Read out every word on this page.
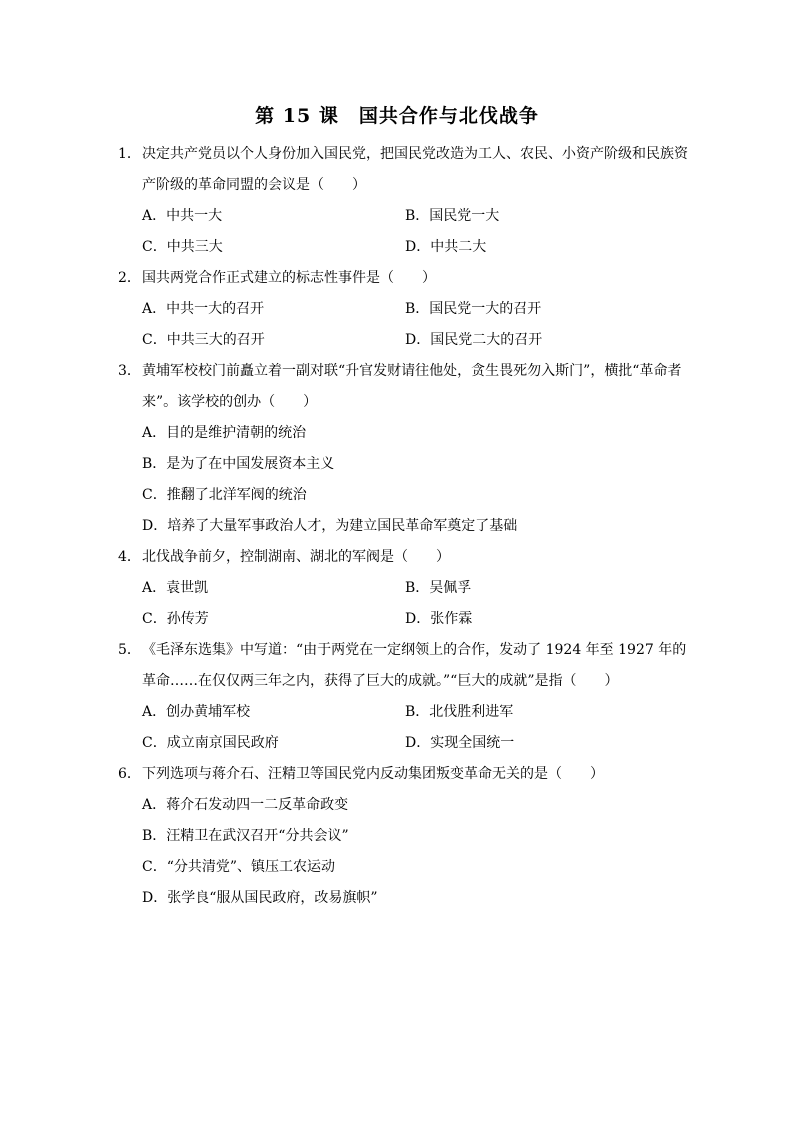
第 15 课　国共合作与北伐战争
1． 决定共产党员以个人身份加入国民党，把国民党改造为工人、农民、小资产阶级和民族资产阶级的革命同盟的会议是（　　）
A．中共一大	B．国民党一大
C．中共三大	D．中共二大
2． 国共两党合作正式建立的标志性事件是（　　）
A．中共一大的召开	B．国民党一大的召开
C．中共三大的召开	D．国民党二大的召开
3． 黄埔军校校门前矗立着一副对联“升官发财请往他处，贪生畏死勿入斯门”，横批“革命者来”。该学校的创办（　　）
A．目的是维护清朝的统治
B．是为了在中国发展资本主义
C．推翻了北洋军阀的统治
D．培养了大量军事政治人才，为建立国民革命军奠定了基础
4． 北伐战争前夕，控制湖南、湖北的军阀是（　　）
A．袁世凯	B．吴佩孚
C．孙传芳	D．张作霖
5． 《毛泽东选集》中写道：“由于两党在一定纲领上的合作，发动了 1924 年至 1927 年的革命……在仅仅两三年之内，获得了巨大的成就。”“巨大的成就”是指（　　）
A．创办黄埔军校	B．北伐胜利进军
C．成立南京国民政府	D．实现全国统一
6． 下列选项与蒋介石、汪精卫等国民党内反动集团叛变革命无关的是（　　）
A．蒋介石发动四一二反革命政变
B．汪精卫在武汉召开“分共会议”
C．“分共清党”、镇压工农运动
D．张学良“服从国民政府，改易旗帜”
